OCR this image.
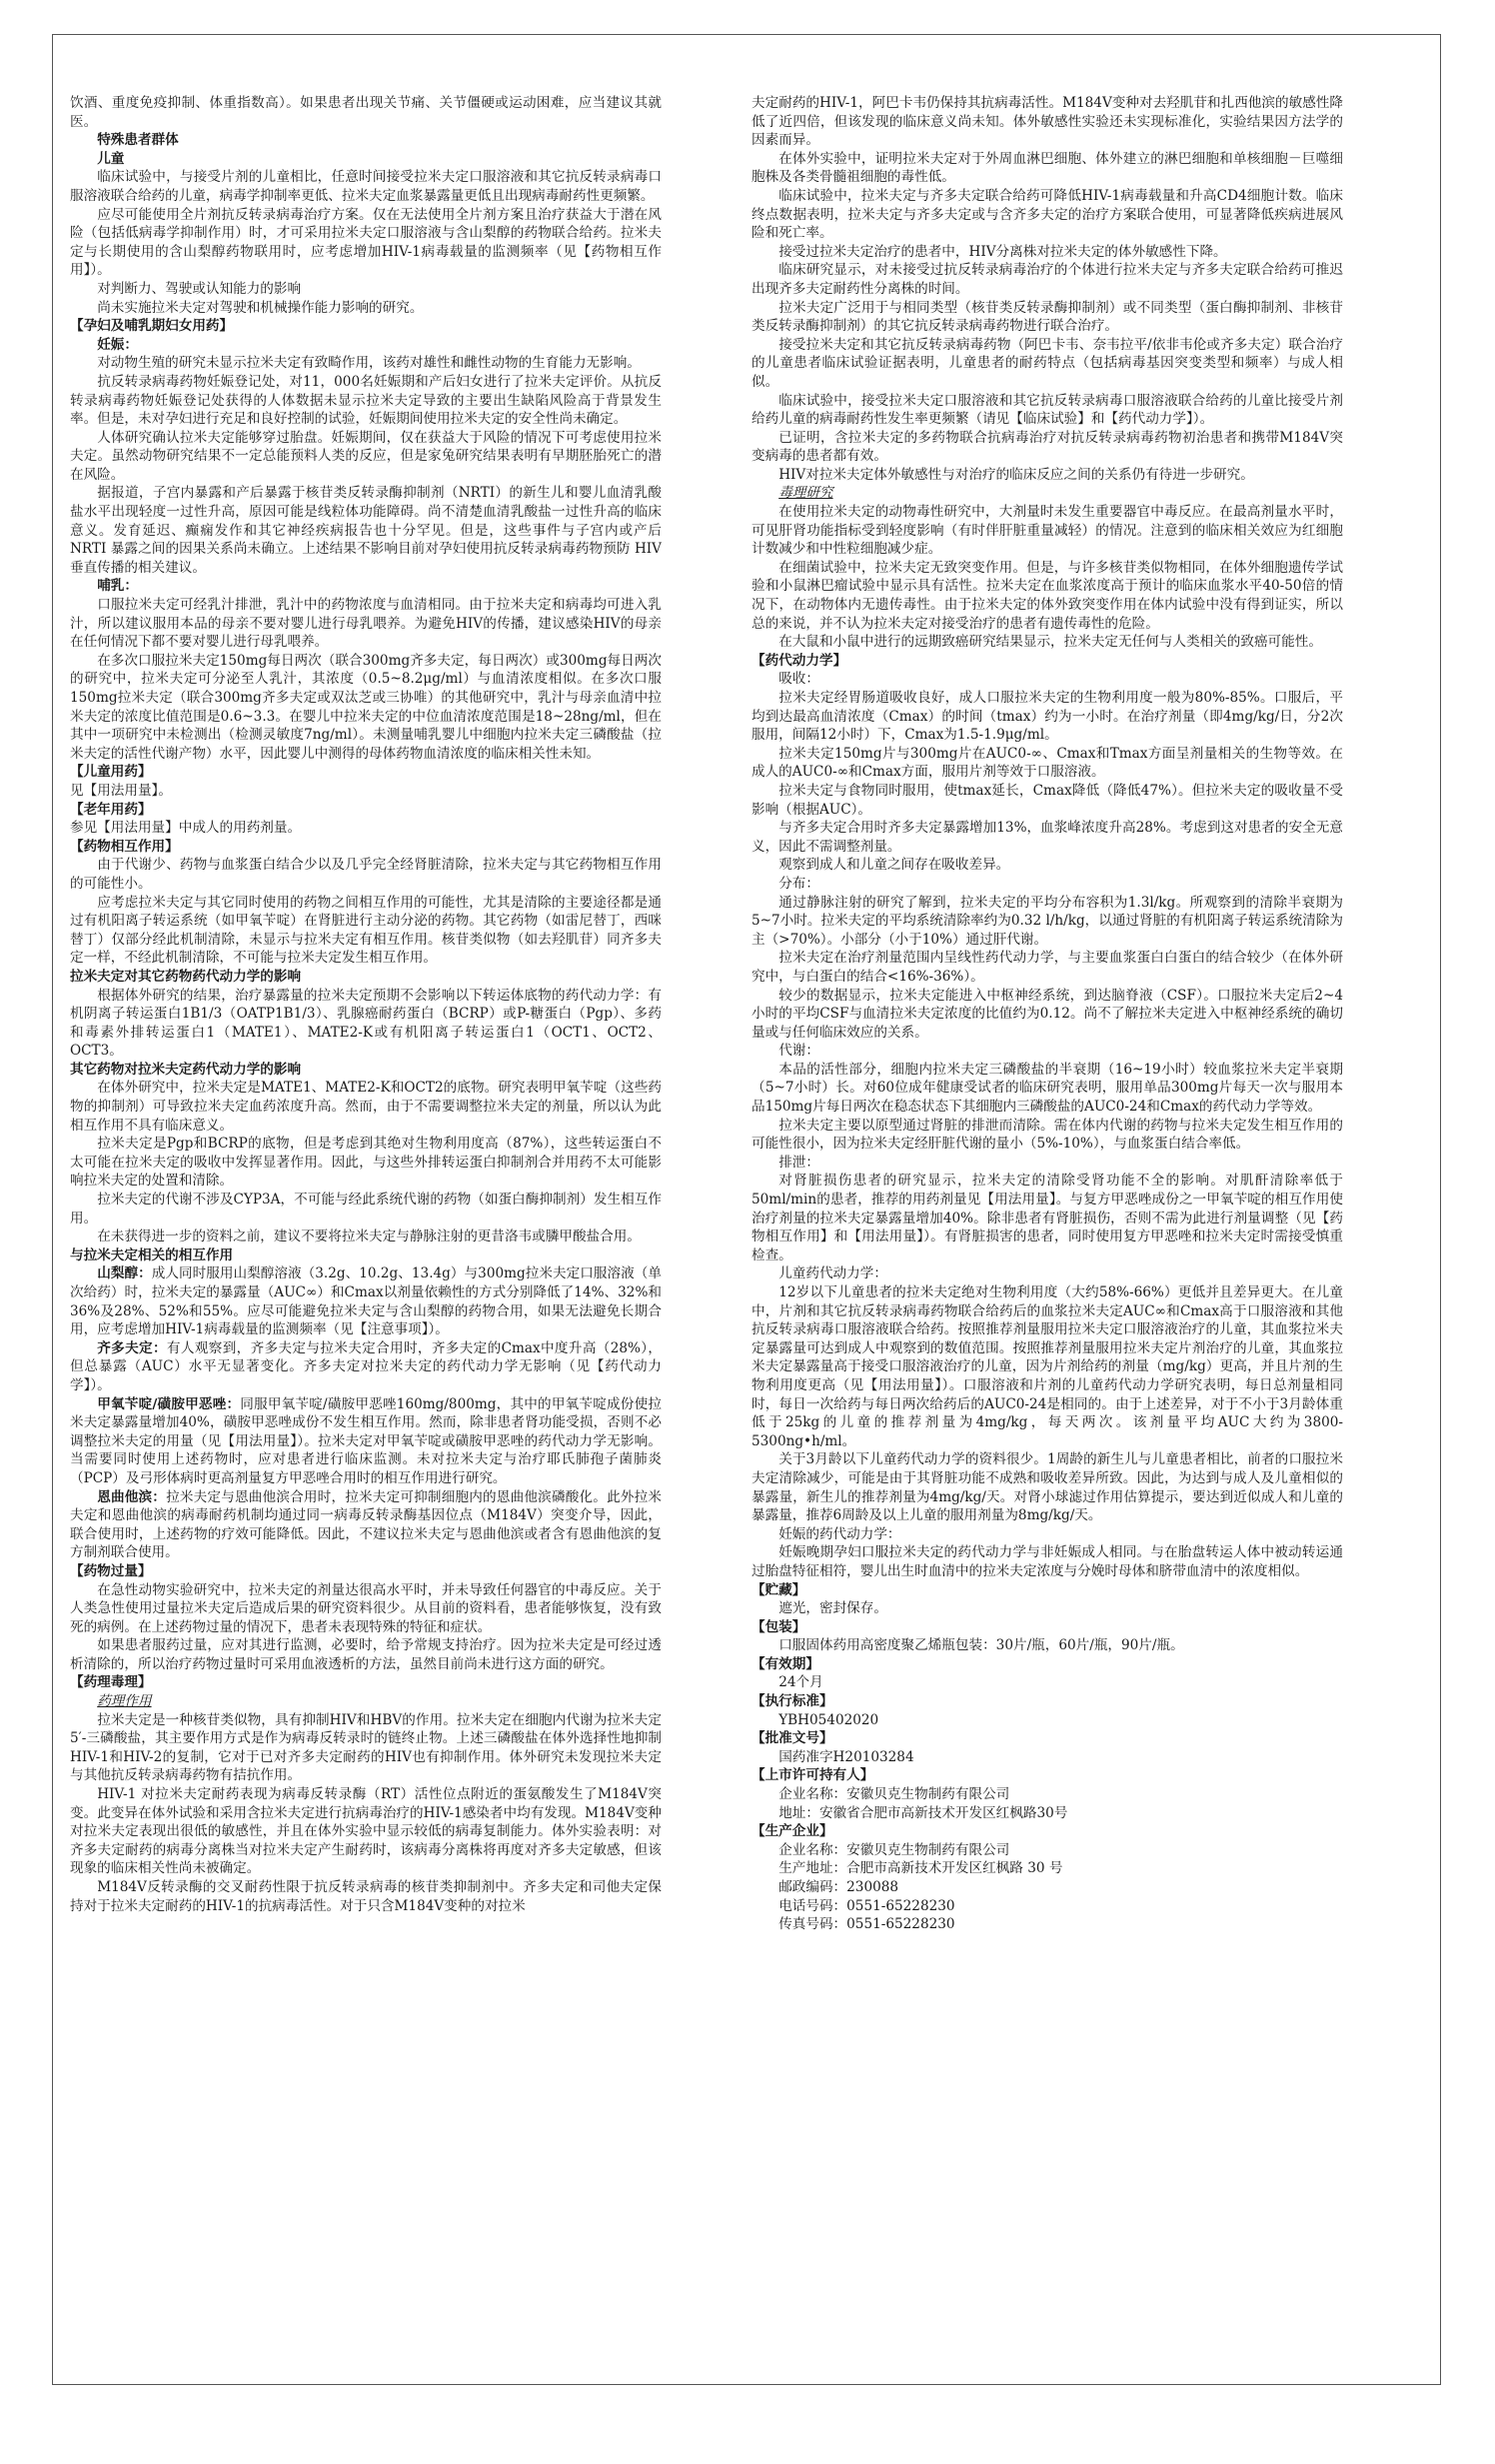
饮酒、重度免疫抑制、体重指数高）。如果患者出现关节痛、关节僵硬或运动困难，应当建议其就医。

特殊患者群体
儿童

临床试验中，与接受片剂的儿童相比，任意时间接受拉米夫定口服溶液和其它抗反转录病毒口服溶液联合给药的儿童，病毒学抑制率更低、拉米夫定血浆暴露量更低且出现病毒耐药性更频繁。

应尽可能使用全片剂抗反转录病毒治疗方案。仅在无法使用全片剂方案且治疗获益大于潜在风险（包括低病毒学抑制作用）时，才可采用拉米夫定口服溶液与含山梨醇的药物联合给药。拉米夫定与长期使用的含山梨醇药物联用时，应考虑增加HIV-1病毒载量的监测频率（见【药物相互作用】）。

对判断力、驾驶或认知能力的影响

尚未实施拉米夫定对驾驶和机械操作能力影响的研究。

【 孕妇及哺乳期妇女用药 】
妊娠：

对动物生殖的研究未显示拉米夫定有致畸作用，该药对雄性和雌性动物的生育能力无影响。

抗反转录病毒药物妊娠登记处，对11，000名妊娠期和产后妇女进行了拉米夫定评价。从抗反转录病毒药物妊娠登记处获得的人体数据未显示拉米夫定导致的主要出生缺陷风险高于背景发生率。但是，未对孕妇进行充足和良好控制的试验，妊娠期间使用拉米夫定的安全性尚未确定。

人体研究确认拉米夫定能够穿过胎盘。妊娠期间，仅在获益大于风险的情况下可考虑使用拉米夫定。虽然动物研究结果不一定总能预料人类的反应，但是家兔研究结果表明有早期胚胎死亡的潜在风险。

据报道，子宫内暴露和产后暴露于核苷类反转录酶抑制剂（NRTI）的新生儿和婴儿血清乳酸盐水平出现轻度一过性升高，原因可能是线粒体功能障碍。尚不清楚血清乳酸盐一过性升高的临床意义。发育延迟、癫痫发作和其它神经疾病报告也十分罕见。但是，这些事件与子宫内或产后 NRTI 暴露之间的因果关系尚未确立。上述结果不影响目前对孕妇使用抗反转录病毒药物预防 HIV 垂直传播的相关建议。

哺乳：

口服拉米夫定可经乳汁排泄，乳汁中的药物浓度与血清相同。由于拉米夫定和病毒均可进入乳汁，所以建议服用本品的母亲不要对婴儿进行母乳喂养。为避免HIV的传播，建议感染HIV的母亲在任何情况下都不要对婴儿进行母乳喂养。

在多次口服拉米夫定150mg每日两次（联合300mg齐多夫定，每日两次）或300mg每日两次的研究中，拉米夫定可分泌至人乳汁，其浓度（0.5~8.2μg/ml）与血清浓度相似。在多次口服150mg拉米夫定（联合300mg齐多夫定或双汰芝或三协唯）的其他研究中，乳汁与母亲血清中拉米夫定的浓度比值范围是0.6~3.3。在婴儿中拉米夫定的中位血清浓度范围是18~28ng/ml，但在其中一项研究中未检测出（检测灵敏度7ng/ml）。未测量哺乳婴儿中细胞内拉米夫定三磷酸盐（拉米夫定的活性代谢产物）水平，因此婴儿中测得的母体药物血清浓度的临床相关性未知。

【 儿童用药 】

见【用法用量】。

【 老年用药 】

参见【用法用量】中成人的用药剂量。

【 药物相互作用 】

由于代谢少、药物与血浆蛋白结合少以及几乎完全经肾脏清除，拉米夫定与其它药物相互作用的可能性小。

应考虑拉米夫定与其它同时使用的药物之间相互作用的可能性，尤其是清除的主要途径都是通过有机阳离子转运系统（如甲氧苄啶）在肾脏进行主动分泌的药物。其它药物（如雷尼替丁，西咪替丁）仅部分经此机制清除，未显示与拉米夫定有相互作用。核苷类似物（如去羟肌苷）同齐多夫定一样，不经此机制清除，不可能与拉米夫定发生相互作用。

拉米夫定对其它药物药代动力学的影响

根据体外研究的结果，治疗暴露量的拉米夫定预期不会影响以下转运体底物的药代动力学：有机阴离子转运蛋白1B1/3（OATP1B1/3）、乳腺癌耐药蛋白（BCRP）或P-糖蛋白（Pgp）、多药和毒素外排转运蛋白1（MATE1）、MATE2-K或有机阳离子转运蛋白1（OCT1、OCT2、OCT3。

其它药物对拉米夫定药代动力学的影响

在体外研究中，拉米夫定是MATE1、MATE2-K和OCT2的底物。研究表明甲氧苄啶（这些药物的抑制剂）可导致拉米夫定血药浓度升高。然而，由于不需要调整拉米夫定的剂量，所以认为此相互作用不具有临床意义。

拉米夫定是Pgp和BCRP的底物，但是考虑到其绝对生物利用度高（87%），这些转运蛋白不太可能在拉米夫定的吸收中发挥显著作用。因此，与这些外排转运蛋白抑制剂合并用药不太可能影响拉米夫定的处置和清除。

拉米夫定的代谢不涉及CYP3A，不可能与经此系统代谢的药物（如蛋白酶抑制剂）发生相互作用。

在未获得进一步的资料之前，建议不要将拉米夫定与静脉注射的更昔洛韦或膦甲酸盐合用。

与拉米夫定相关的相互作用

山梨醇：成人同时服用山梨醇溶液（3.2g、10.2g、13.4g）与300mg拉米夫定口服溶液（单次给药）时，拉米夫定的暴露量（AUC∞）和Cmax以剂量依赖性的方式分别降低了14%、32%和36%及28%、52%和55%。应尽可能避免拉米夫定与含山梨醇的药物合用，如果无法避免长期合用，应考虑增加HIV-1病毒载量的监测频率（见【注意事项】）。

齐多夫定：有人观察到，齐多夫定与拉米夫定合用时，齐多夫定的Cmax中度升高（28%），但总暴露（AUC）水平无显著变化。齐多夫定对拉米夫定的药代动力学无影响（见【药代动力学】）。

甲氧苄啶/磺胺甲恶唑：同服甲氧苄啶/磺胺甲恶唑160mg/800mg，其中的甲氧苄啶成份使拉米夫定暴露量增加40%，磺胺甲恶唑成份不发生相互作用。然而，除非患者肾功能受损，否则不必调整拉米夫定的用量（见【用法用量】）。拉米夫定对甲氧苄啶或磺胺甲恶唑的药代动力学无影响。当需要同时使用上述药物时，应对患者进行临床监测。未对拉米夫定与治疗耶氏肺孢子菌肺炎（PCP）及弓形体病时更高剂量复方甲恶唑合用时的相互作用进行研究。

恩曲他滨：拉米夫定与恩曲他滨合用时，拉米夫定可抑制细胞内的恩曲他滨磷酸化。此外拉米夫定和恩曲他滨的病毒耐药机制均通过同一病毒反转录酶基因位点（M184V）突变介导，因此，联合使用时，上述药物的疗效可能降低。因此，不建议拉米夫定与恩曲他滨或者含有恩曲他滨的复方制剂联合使用。

【 药物过量 】

在急性动物实验研究中，拉米夫定的剂量达很高水平时，并未导致任何器官的中毒反应。关于人类急性使用过量拉米夫定后造成后果的研究资料很少。从目前的资料看，患者能够恢复，没有致死的病例。在上述药物过量的情况下，患者未表现特殊的特征和症状。

如果患者服药过量，应对其进行监测，必要时，给予常规支持治疗。因为拉米夫定是可经过透析清除的，所以治疗药物过量时可采用血液透析的方法，虽然目前尚未进行这方面的研究。

【 药理毒理 】

药理作用

拉米夫定是一种核苷类似物，具有抑制HIV和HBV的作用。拉米夫定在细胞内代谢为拉米夫定 5′-三磷酸盐，其主要作用方式是作为病毒反转录时的链终止物。上述三磷酸盐在体外选择性地抑制HIV-1和HIV-2的复制，它对于已对齐多夫定耐药的HIV也有抑制作用。体外研究未发现拉米夫定与其他抗反转录病毒药物有拮抗作用。

HIV-1 对拉米夫定耐药表现为病毒反转录酶（RT）活性位点附近的蛋氨酸发生了M184V突变。此变异在体外试验和采用含拉米夫定进行抗病毒治疗的HIV-1感染者中均有发现。M184V变种对拉米夫定表现出很低的敏感性，并且在体外实验中显示较低的病毒复制能力。体外实验表明：对齐多夫定耐药的病毒分离株当对拉米夫定产生耐药时，该病毒分离株将再度对齐多夫定敏感，但该现象的临床相关性尚未被确定。

M184V反转录酶的交叉耐药性限于抗反转录病毒的核苷类抑制剂中。齐多夫定和司他夫定保持对于拉米夫定耐药的HIV-1的抗病毒活性。对于只含M184V变种的对拉米

夫定耐药的HIV-1，阿巴卡韦仍保持其抗病毒活性。M184V变种对去羟肌苷和扎西他滨的敏感性降低了近四倍，但该发现的临床意义尚未知。体外敏感性实验还未实现标准化，实验结果因方法学的因素而异。

在体外实验中，证明拉米夫定对于外周血淋巴细胞、体外建立的淋巴细胞和单核细胞－巨噬细胞株及各类骨髓祖细胞的毒性低。

临床试验中，拉米夫定与齐多夫定联合给药可降低HIV-1病毒载量和升高CD4细胞计数。临床终点数据表明，拉米夫定与齐多夫定或与含齐多夫定的治疗方案联合使用，可显著降低疾病进展风险和死亡率。

接受过拉米夫定治疗的患者中，HIV分离株对拉米夫定的体外敏感性下降。

临床研究显示，对未接受过抗反转录病毒治疗的个体进行拉米夫定与齐多夫定联合给药可推迟出现齐多夫定耐药性分离株的时间。

拉米夫定广泛用于与相同类型（核苷类反转录酶抑制剂）或不同类型（蛋白酶抑制剂、非核苷类反转录酶抑制剂）的其它抗反转录病毒药物进行联合治疗。

接受拉米夫定和其它抗反转录病毒药物（阿巴卡韦、奈韦拉平/依非韦伦或齐多夫定）联合治疗的儿童患者临床试验证据表明，儿童患者的耐药特点（包括病毒基因突变类型和频率）与成人相似。

临床试验中，接受拉米夫定口服溶液和其它抗反转录病毒口服溶液联合给药的儿童比接受片剂给药儿童的病毒耐药性发生率更频繁（请见【临床试验】和【药代动力学】）。

已证明，含拉米夫定的多药物联合抗病毒治疗对抗反转录病毒药物初治患者和携带M184V突变病毒的患者都有效。

HIV对拉米夫定体外敏感性与对治疗的临床反应之间的关系仍有待进一步研究。

毒理研究

在使用拉米夫定的动物毒性研究中，大剂量时未发生重要器官中毒反应。在最高剂量水平时，可见肝肾功能指标受到轻度影响（有时伴肝脏重量减轻）的情况。注意到的临床相关效应为红细胞计数减少和中性粒细胞减少症。

在细菌试验中，拉米夫定无致突变作用。但是，与许多核苷类似物相同，在体外细胞遗传学试验和小鼠淋巴瘤试验中显示具有活性。拉米夫定在血浆浓度高于预计的临床血浆水平40-50倍的情况下，在动物体内无遗传毒性。由于拉米夫定的体外致突变作用在体内试验中没有得到证实，所以总的来说，并不认为拉米夫定对接受治疗的患者有遗传毒性的危险。

在大鼠和小鼠中进行的远期致癌研究结果显示，拉米夫定无任何与人类相关的致癌可能性。

【 药代动力学 】

吸收：

拉米夫定经胃肠道吸收良好，成人口服拉米夫定的生物利用度一般为80%-85%。口服后，平均到达最高血清浓度（Cmax）的时间（tmax）约为一小时。在治疗剂量（即4mg/kg/日，分2次服用，间隔12小时）下，Cmax为1.5-1.9μg/ml。

拉米夫定150mg片与300mg片在AUC0-∞、Cmax和Tmax方面呈剂量相关的生物等效。在成人的AUC0-∞和Cmax方面，服用片剂等效于口服溶液。

拉米夫定与食物同时服用，使tmax延长，Cmax降低（降低47%）。但拉米夫定的吸收量不受影响（根据AUC）。

与齐多夫定合用时齐多夫定暴露增加13%，血浆峰浓度升高28%。考虑到这对患者的安全无意义，因此不需调整剂量。

观察到成人和儿童之间存在吸收差异。

分布：

通过静脉注射的研究了解到，拉米夫定的平均分布容积为1.3l/kg。所观察到的清除半衰期为5~7小时。拉米夫定的平均系统清除率约为0.32 l/h/kg，以通过肾脏的有机阳离子转运系统清除为主（>70%）。小部分（小于10%）通过肝代谢。

拉米夫定在治疗剂量范围内呈线性药代动力学，与主要血浆蛋白白蛋白的结合较少（在体外研究中，与白蛋白的结合<16%-36%）。

较少的数据显示，拉米夫定能进入中枢神经系统，到达脑脊液（CSF）。口服拉米夫定后2~4小时的平均CSF与血清拉米夫定浓度的比值约为0.12。尚不了解拉米夫定进入中枢神经系统的确切量或与任何临床效应的关系。

代谢：

本品的活性部分，细胞内拉米夫定三磷酸盐的半衰期（16~19小时）较血浆拉米夫定半衰期（5~7小时）长。对60位成年健康受试者的临床研究表明，服用单品300mg片每天一次与服用本品150mg片每日两次在稳态状态下其细胞内三磷酸盐的AUC0-24和Cmax的药代动力学等效。

拉米夫定主要以原型通过肾脏的排泄而清除。需在体内代谢的药物与拉米夫定发生相互作用的可能性很小，因为拉米夫定经肝脏代谢的量小（5%-10%），与血浆蛋白结合率低。

排泄：

对肾脏损伤患者的研究显示，拉米夫定的清除受肾功能不全的影响。对肌酐清除率低于50ml/min的患者，推荐的用药剂量见【用法用量】。与复方甲恶唑成份之一甲氧苄啶的相互作用使治疗剂量的拉米夫定暴露量增加40%。除非患者有肾脏损伤，否则不需为此进行剂量调整（见【药物相互作用】和【用法用量】）。有肾脏损害的患者，同时使用复方甲恶唑和拉米夫定时需接受慎重检查。

儿童药代动力学：

12岁以下儿童患者的拉米夫定绝对生物利用度（大约58%-66%）更低并且差异更大。在儿童中，片剂和其它抗反转录病毒药物联合给药后的血浆拉米夫定AUC∞和Cmax高于口服溶液和其他抗反转录病毒口服溶液联合给药。按照推荐剂量服用拉米夫定口服溶液治疗的儿童，其血浆拉米夫定暴露量可达到成人中观察到的数值范围。按照推荐剂量服用拉米夫定片剂治疗的儿童，其血浆拉米夫定暴露量高于接受口服溶液治疗的儿童，因为片剂给药的剂量（mg/kg）更高，并且片剂的生物利用度更高（见【用法用量】）。口服溶液和片剂的儿童药代动力学研究表明，每日总剂量相同时，每日一次给药与每日两次给药后的AUC0-24是相同的。由于上述差异，对于不小于3月龄体重低于25kg的儿童的推荐剂量为4mg/kg，每天两次。该剂量平均AUC大约为3800-5300ng•h/ml。

关于3月龄以下儿童药代动力学的资料很少。1周龄的新生儿与儿童患者相比，前者的口服拉米夫定清除减少，可能是由于其肾脏功能不成熟和吸收差异所致。因此，为达到与成人及儿童相似的暴露量，新生儿的推荐剂量为4mg/kg/天。对肾小球滤过作用估算提示，要达到近似成人和儿童的暴露量，推荐6周龄及以上儿童的服用剂量为8mg/kg/天。

妊娠的药代动力学：

妊娠晚期孕妇口服拉米夫定的药代动力学与非妊娠成人相同。与在胎盘转运人体中被动转运通过胎盘特征相符，婴儿出生时血清中的拉米夫定浓度与分娩时母体和脐带血清中的浓度相似。

【 贮藏 】

遮光，密封保存。

【 包装 】

口服固体药用高密度聚乙烯瓶包装：30片/瓶，60片/瓶，90片/瓶。

【 有效期 】

24个月

【 执行标准 】

YBH05402020

【 批准文号 】

国药准字H20103284

【 上市许可持有人 】

企业名称：安徽贝克生物制药有限公司

地址：安徽省合肥市高新技术开发区红枫路30号

【 生产企业 】

企业名称：安徽贝克生物制药有限公司

生产地址：合肥市高新技术开发区红枫路 30 号

邮政编码：230088

电话号码：0551-65228230

传真号码：0551-65228230
